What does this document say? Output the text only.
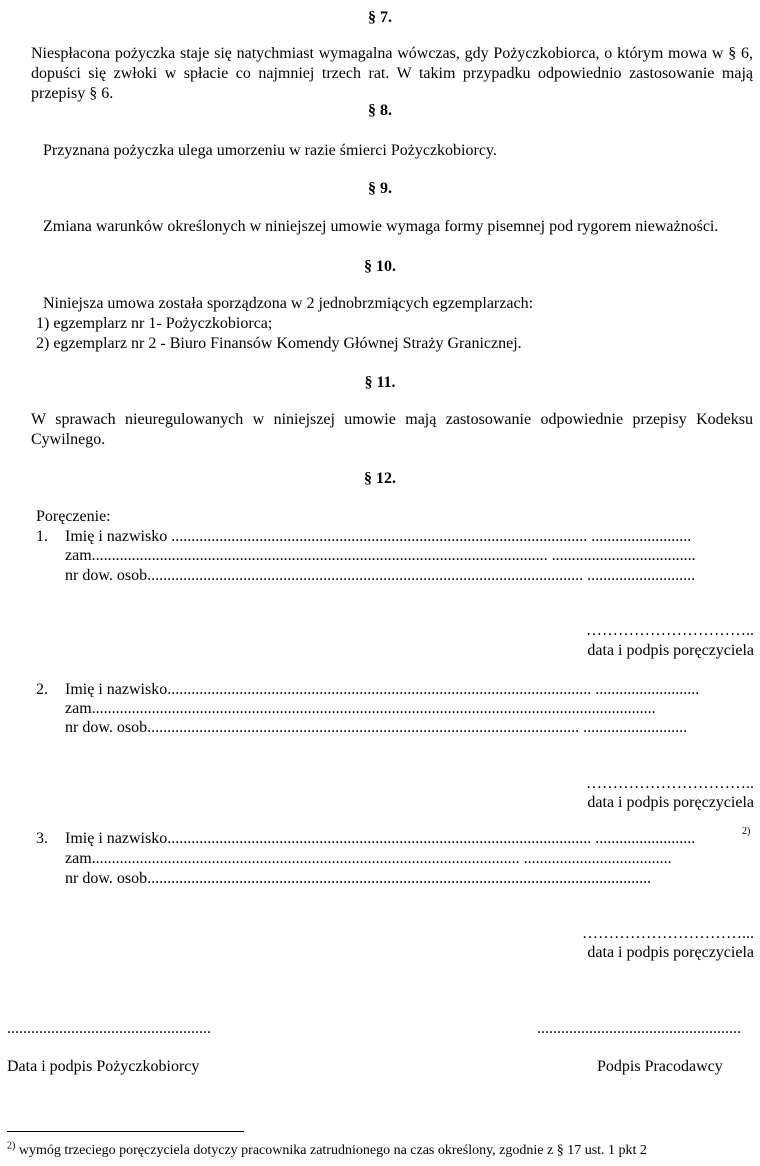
§ 7.
Niespłacona pożyczka staje się natychmiast wymagalna wówczas, gdy Pożyczkobiorca, o którym mowa w § 6, dopuści się zwłoki w spłacie co najmniej trzech rat. W takim przypadku odpowiednio zastosowanie mają przepisy § 6.
§ 8.
Przyznana pożyczka ulega umorzeniu w razie śmierci Pożyczkobiorcy.
§ 9.
Zmiana warunków określonych w niniejszej umowie wymaga formy pisemnej pod rygorem nieważności.
§ 10.
Niniejsza umowa została sporządzona w 2 jednobrzmiących egzemplarzach:
1) egzemplarz nr 1- Pożyczkobiorca;
2) egzemplarz nr 2 - Biuro Finansów Komendy Głównej Straży Granicznej.
§ 11.
W sprawach nieuregulowanych w niniejszej umowie mają zastosowanie odpowiednie przepisy Kodeksu Cywilnego.
§ 12.
Poręczenie:
1. Imię i nazwisko ........................................................................................................ .........................
zam.................................................................................................................. ....................................
nr dow. osob............................................................................................................. ...........................
…………………………..
data i podpis poręczyciela
2. Imię i nazwisko.......................................................................................................... ..........................
zam.............................................................................................................................................
nr dow. osob............................................................................................................ ..........................
…………………………..
data i podpis poręczyciela
3. Imię i nazwisko.......................................................................................................... .........................	2)
zam........................................................................................................... .....................................
nr dow. osob..............................................................................................................................
…………………………...
data i podpis poręczyciela
...................................................
Data i podpis Pożyczkobiorcy
...................................................
Podpis Pracodawcy
$^{2)}$ wymóg trzeciego poręczyciela dotyczy pracownika zatrudnionego na czas określony, zgodnie z § 17 ust. 1 pkt 2
